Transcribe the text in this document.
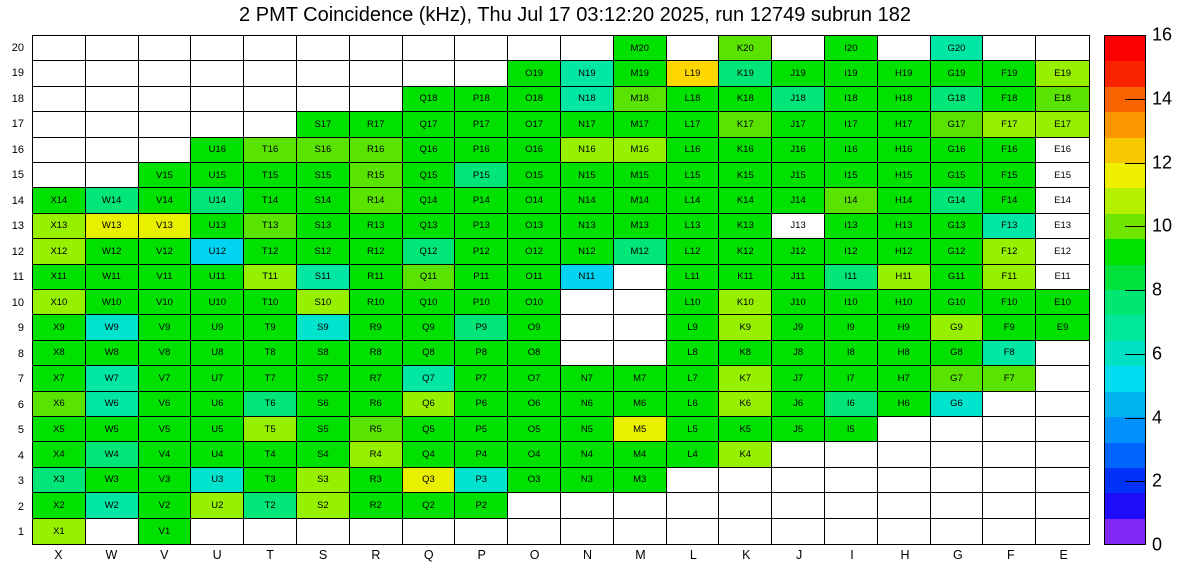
2 PMT Coincidence (kHz), Thu Jul 17 03:12:20 2025, run 12749 subrun 182
20
19
18
17
16
15
14
13
12
11
10
9
8
7
6
5
4
3
2
1
M20	K20	I20	G20
O19	N19	M19	L19	K19	J19	I19	H19	G19	F19	E19
Q18	P18	O18	N18	M18	L18	K18	J18	I18	H18	G18	F18	E18
S17	R17	Q17	P17	O17	N17	M17	L17	K17	J17	I17	H17	G17	F17	E17
U16	T16	S16	R16	Q16	P16	O16	N16	M16	L16	K16	J16	I16	H16	G16	F16	E16
V15	U15	T15	S15	R15	Q15	P15	O15	N15	M15	L15	K15	J15	I15	H15	G15	F15	E15
X14	W14	V14	U14	T14	S14	R14	Q14	P14	O14	N14	M14	L14	K14	J14	I14	H14	G14	F14	E14
X13	W13	V13	U13	T13	S13	R13	Q13	P13	O13	N13	M13	L13	K13	J13	I13	H13	G13	F13	E13
X12	W12	V12	U12	T12	S12	R12	Q12	P12	O12	N12	M12	L12	K12	J12	I12	H12	G12	F12	E12
X11	W11	V11	U11	T11	S11	R11	Q11	P11	O11	N11	L11	K11	J11	I11	H11	G11	F11	E11
X10	W10	V10	U10	T10	S10	R10	Q10	P10	O10	L10	K10	J10	I10	H10	G10	F10	E10
X9	W9	V9	U9	T9	S9	R9	Q9	P9	O9	L9	K9	J9	I9	H9	G9	F9	E9
X8	W8	V8	U8	T8	S8	R8	Q8	P8	O8	L8	K8	J8	I8	H8	G8	F8
X7	W7	V7	U7	T7	S7	R7	Q7	P7	O7	N7	M7	L7	K7	J7	I7	H7	G7	F7
X6	W6	V6	U6	T6	S6	R6	Q6	P6	O6	N6	M6	L6	K6	J6	I6	H6	G6
X5	W5	V5	U5	T5	S5	R5	Q5	P5	O5	N5	M5	L5	K5	J5	I5
X4	W4	V4	U4	T4	S4	R4	Q4	P4	O4	N4	M4	L4	K4
X3	W3	V3	U3	T3	S3	R3	Q3	P3	O3	N3	M3
X2	W2	V2	U2	T2	S2	R2	Q2	P2
X1	V1
X	W	V	U	T	S	R	Q	P	O	N	M	L	K	J	I	H	G	F	E
16
14
12
10
8
6
4
2
0
